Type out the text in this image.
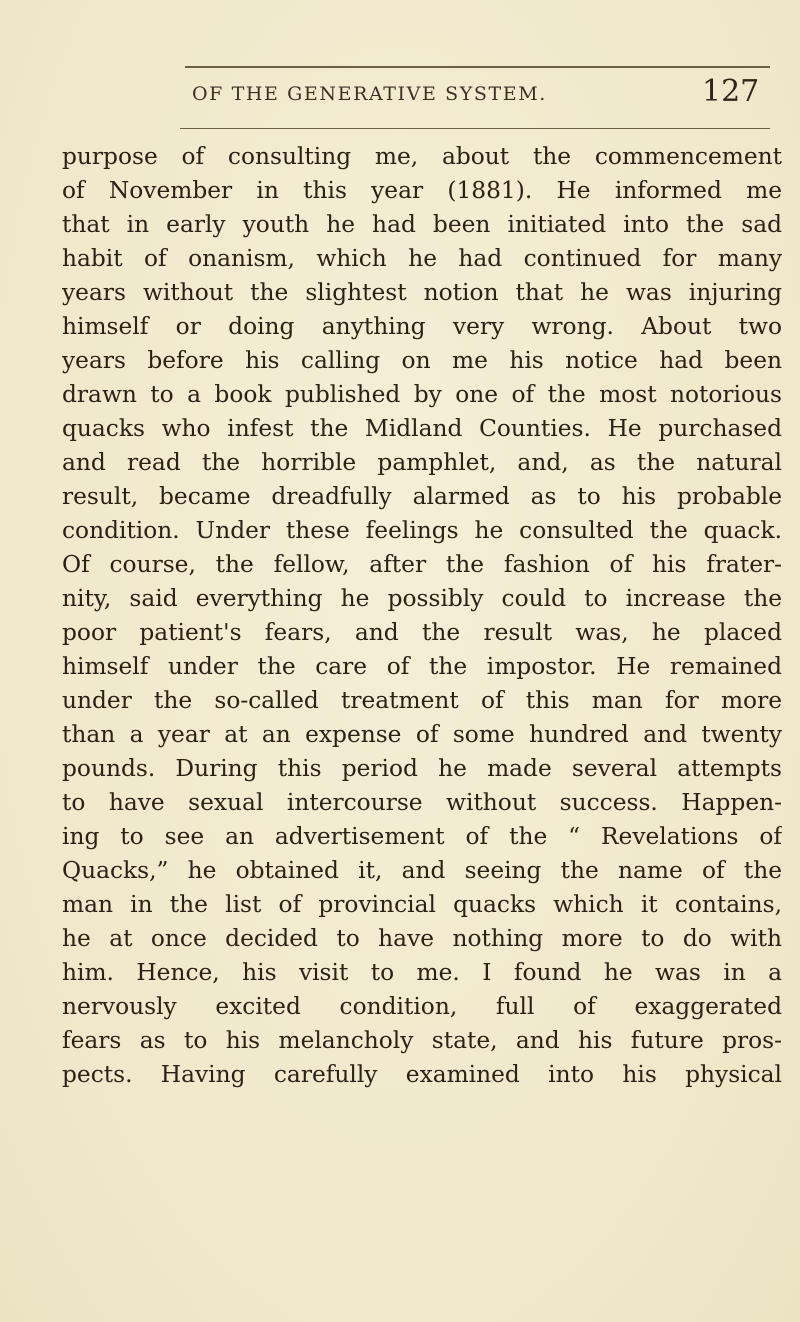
OF THE GENERATIVE SYSTEM.	127
purpose of consulting me, about the commencement
of November in this year (1881). He informed me
that in early youth he had been initiated into the sad
habit of onanism, which he had continued for many
years without the slightest notion that he was injuring
himself or doing anything very wrong. About two
years before his calling on me his notice had been
drawn to a book published by one of the most notorious
quacks who infest the Midland Counties. He purchased
and read the horrible pamphlet, and, as the natural
result, became dreadfully alarmed as to his probable
condition. Under these feelings he consulted the quack.
Of course, the fellow, after the fashion of his frater-
nity, said everything he possibly could to increase the
poor patient's fears, and the result was, he placed
himself under the care of the impostor. He remained
under the so-called treatment of this man for more
than a year at an expense of some hundred and twenty
pounds. During this period he made several attempts
to have sexual intercourse without success. Happen-
ing to see an advertisement of the “ Revelations of
Quacks,” he obtained it, and seeing the name of the
man in the list of provincial quacks which it contains,
he at once decided to have nothing more to do with
him. Hence, his visit to me. I found he was in a
nervously excited condition, full of exaggerated
fears as to his melancholy state, and his future pros-
pects. Having carefully examined into his physical
